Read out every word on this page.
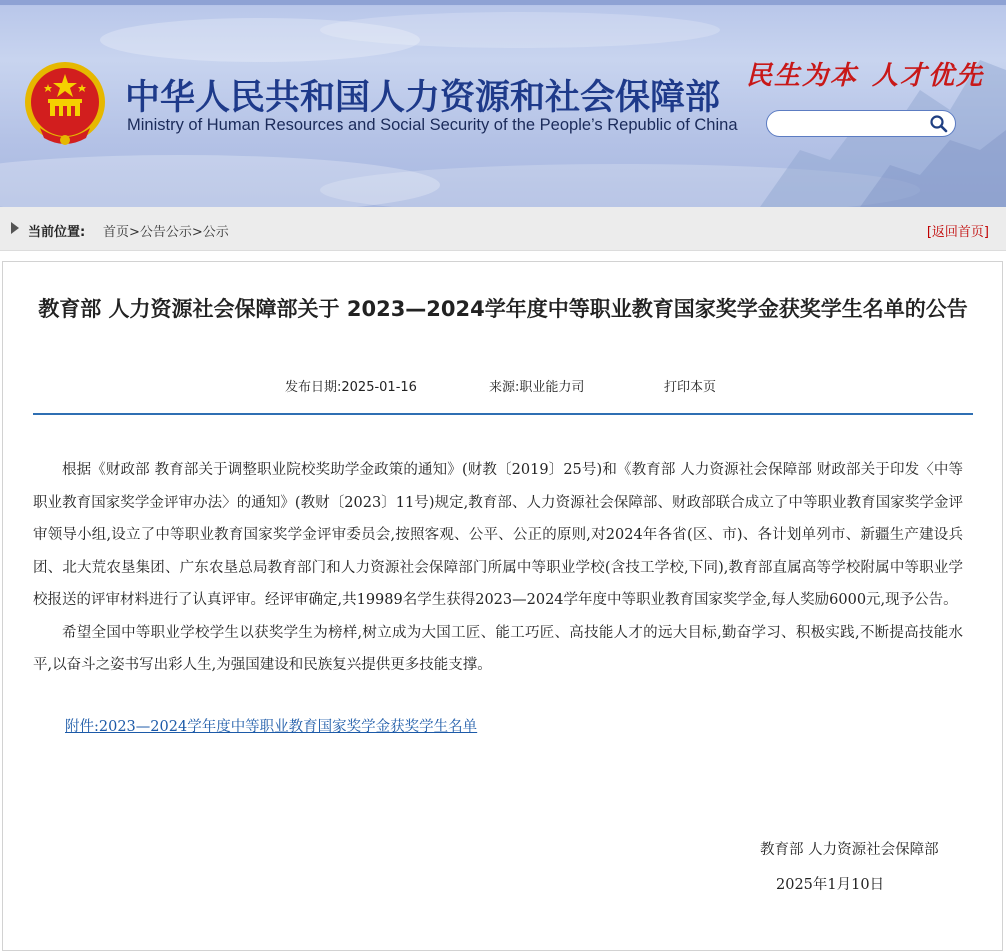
中华人民共和国人力资源和社会保障部
Ministry of Human Resources and Social Security of the People’s Republic of China
民生为本 人才优先
当前位置: 首页>公告公示>公示	[返回首页]
教育部 人力资源社会保障部关于 2023—2024学年度中等职业教育国家奖学金获奖学生名单的公告
发布日期:2025-01-16	来源:职业能力司	打印本页

根据《财政部 教育部关于调整职业院校奖助学金政策的通知》(财教〔2019〕25号)和《教育部 人力资源社会保障部 财政部关于印发〈中等职业教育国家奖学金评审办法〉的通知》(教财〔2023〕11号)规定,教育部、人力资源社会保障部、财政部联合成立了中等职业教育国家奖学金评审领导小组,设立了中等职业教育国家奖学金评审委员会,按照客观、公平、公正的原则,对2024年各省(区、市)、各计划单列市、新疆生产建设兵团、北大荒农垦集团、广东农垦总局教育部门和人力资源社会保障部门所属中等职业学校(含技工学校,下同),教育部直属高等学校附属中等职业学校报送的评审材料进行了认真评审。经评审确定,共19989名学生获得2023—2024学年度中等职业教育国家奖学金,每人奖励6000元,现予公告。

希望全国中等职业学校学生以获奖学生为榜样,树立成为大国工匠、能工巧匠、高技能人才的远大目标,勤奋学习、积极实践,不断提高技能水平,以奋斗之姿书写出彩人生,为强国建设和民族复兴提供更多技能支撑。

附件:2023—2024学年度中等职业教育国家奖学金获奖学生名单
教育部 人力资源社会保障部
2025年1月10日
